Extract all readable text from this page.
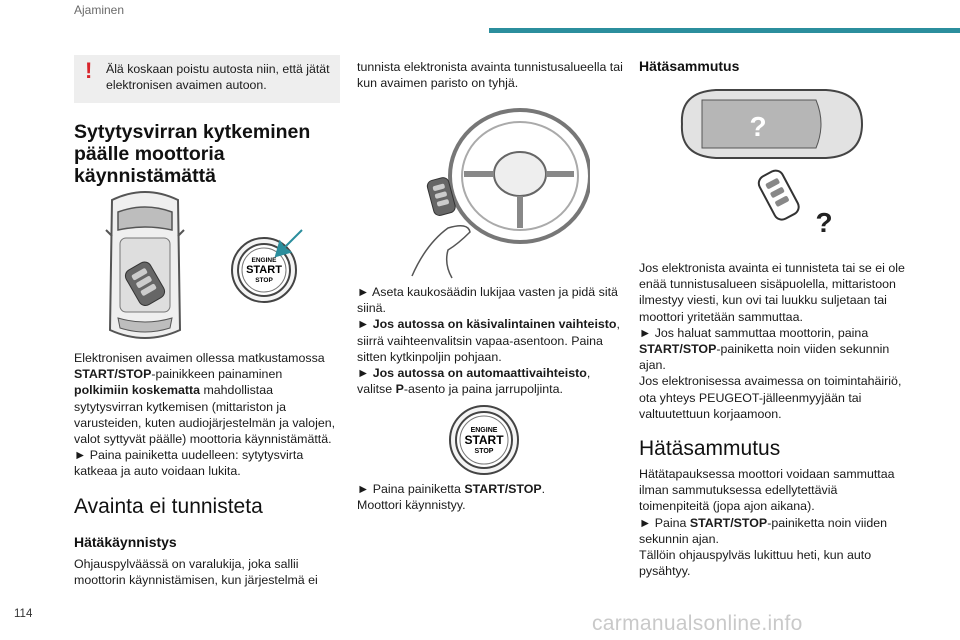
Ajaminen
! Älä koskaan poistu autosta niin, että jätät elektronisen avaimen autoon.

Sytytysvirran kytkeminen päälle moottoria käynnistämättä
ENGINE
START
STOP

Elektronisen avaimen ollessa matkustamossa START/STOP-painikkeen painaminen polkimiin koskematta mahdollistaa sytytysvirran kytkemisen (mittariston ja varusteiden, kuten audiojärjestelmän ja valojen, valot syttyvät päälle) moottoria käynnistämättä.

► Paina painiketta uudelleen: sytytysvirta katkeaa ja auto voidaan lukita.

Avainta ei tunnisteta
Hätäkäynnistys

Ohjauspylväässä on varalukija, joka sallii moottorin käynnistämisen, kun järjestelmä ei

tunnista elektronista avainta tunnistusalueella tai kun avaimen paristo on tyhjä.

► Aseta kaukosäädin lukijaa vasten ja pidä sitä siinä.

► Jos autossa on käsivalintainen vaihteisto, siirrä vaihteenvalitsin vapaa-asentoon. Paina sitten kytkinpoljin pohjaan.

► Jos autossa on automaattivaihteisto, valitse P-asento ja paina jarrupoljinta.

ENGINE
START
STOP

► Paina painiketta START/STOP.

Moottori käynnistyy.

Hätäsammutus
?
?

Jos elektronista avainta ei tunnisteta tai se ei ole enää tunnistusalueen sisäpuolella, mittaristoon ilmestyy viesti, kun ovi tai luukku suljetaan tai moottori yritetään sammuttaa.

► Jos haluat sammuttaa moottorin, paina START/STOP-painiketta noin viiden sekunnin ajan.

Jos elektronisessa avaimessa on toimintahäiriö, ota yhteys PEUGEOT-jälleenmyyjään tai valtuutettuun korjaamoon.

Hätäsammutus

Hätätapauksessa moottori voidaan sammuttaa ilman sammutuksessa edellytettäviä toimenpiteitä (jopa ajon aikana).

► Paina START/STOP-painiketta noin viiden sekunnin ajan.

Tällöin ohjauspylväs lukittuu heti, kun auto pysähtyy.

114	carmanualsonline.info
